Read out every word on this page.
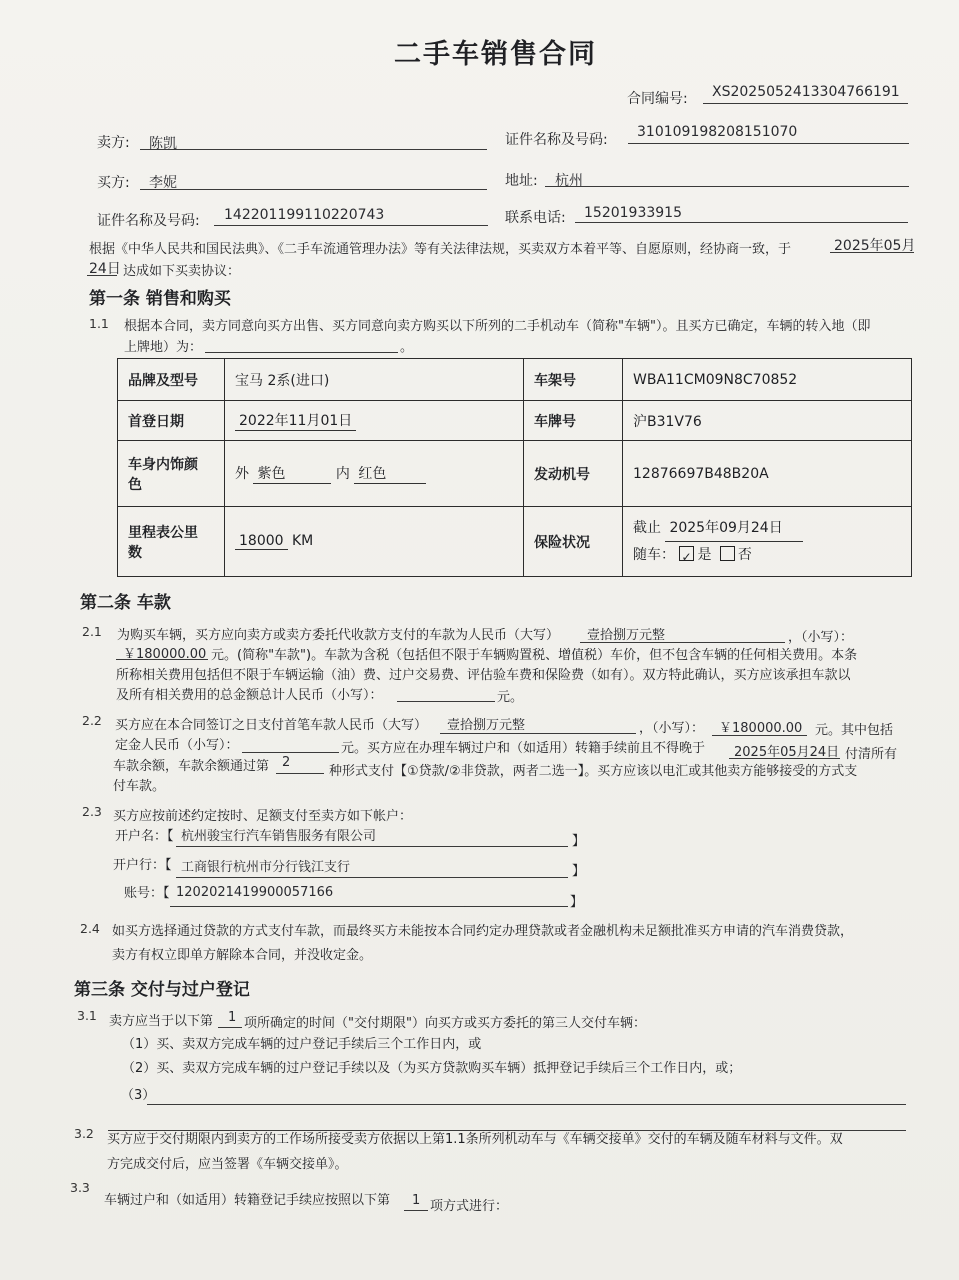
二手车销售合同
合同编号: XS2025052413304766191
卖方: 陈凯	证件名称及号码: 310109198208151070
买方: 李妮	地址: 杭州
证件名称及号码: 142201199110220743	联系电话: 15201933915
根据《中华人民共和国民法典》、《二手车流通管理办法》等有关法律法规，买卖双方本着平等、自愿原则，经协商一致，于	2025年05月
24日 达成如下买卖协议：
第一条 销售和购买
1.1 根据本合同，卖方同意向买方出售、买方同意向卖方购买以下所列的二手机动车（简称"车辆"）。且买方已确定，车辆的转入地（即
上牌地）为：	。
品牌及型号	宝马 2系(进口)	车架号	WBA11CM09N8C70852
首登日期	2022年11月01日	车牌号	沪B31V76
车身内饰颜
色	外 紫色 内 红色	发动机号	12876697B48B20A
里程表公里
数	18000 KM	保险状况	截止 2025年09月24日
随车： ✓ 是 否
第二条 车款
2.1 为购买车辆，买方应向卖方或卖方委托代收款方支付的车款为人民币（大写） 壹拾捌万元整	，（小写）：
￥180000.00 元。(简称"车款")。车款为含税（包括但不限于车辆购置税、增值税）车价，但不包含车辆的任何相关费用。本条
所称相关费用包括但不限于车辆运输（油）费、过户交易费、评估验车费和保险费（如有）。双方特此确认，买方应该承担车款以
及所有相关费用的总金额总计人民币（小写）：	元。
2.2 买方应在本合同签订之日支付首笔车款人民币（大写） 壹拾捌万元整	，（小写）： ￥180000.00 元。其中包括
定金人民币（小写）：	元。买方应在办理车辆过户和（如适用）转籍手续前且不得晚于 2025年05月24日 付清所有
车款余额，车款余额通过第 2
种形式支付【①贷款/②非贷款，两者二选一】。买方应该以电汇或其他卖方能够接受的方式支
付车款。
2.3 买方应按前述约定按时、足额支付至卖方如下帐户：
开户名：【 杭州骏宝行汽车销售服务有限公司	】
开户行：【 工商银行杭州市分行钱江支行	】
账号：【 1202021419900057166
】
2.4 如买方选择通过贷款的方式支付车款，而最终买方未能按本合同约定办理贷款或者金融机构未足额批准买方申请的汽车消费贷款，
卖方有权立即单方解除本合同，并没收定金。
第三条 交付与过户登记
3.1 卖方应当于以下第 1 项所确定的时间（"交付期限"）向买方或买方委托的第三人交付车辆：
（1）买、卖双方完成车辆的过户登记手续后三个工作日内，或
（2）买、卖双方完成车辆的过户登记手续以及（为买方贷款购买车辆）抵押登记手续后三个工作日内，或；
（3）
3.2 买方应于交付期限内到卖方的工作场所接受卖方依据以上第1.1条所列机动车与《车辆交接单》交付的车辆及随车材料与文件。双
方完成交付后，应当签署《车辆交接单》。
3.3
车辆过户和（如适用）转籍登记手续应按照以下第 1 项方式进行：
